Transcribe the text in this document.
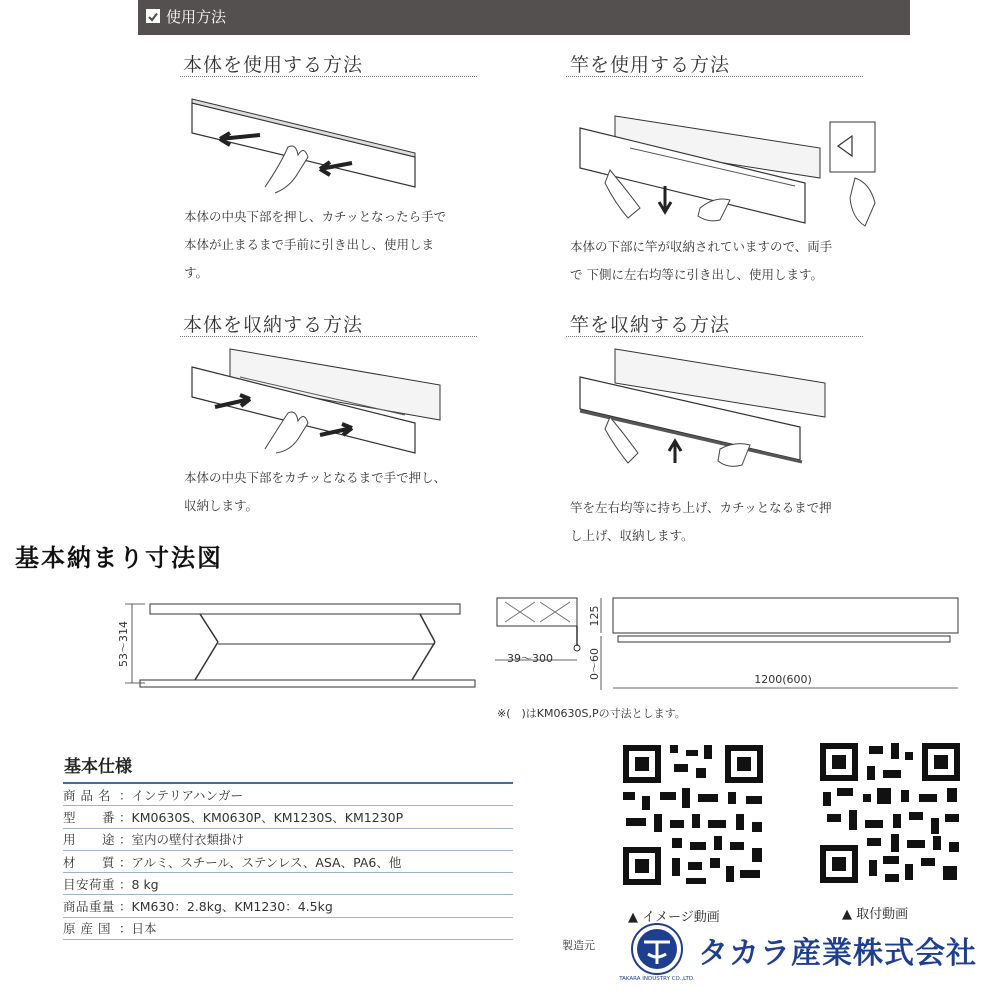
使用方法
本体を使用する方法
本体の中央下部を押し、カチッとなったら手で
本体が止まるまで手前に引き出し、使用しま
す。
竿を使用する方法
本体の下部に竿が収納されていますので、両手
で 下側に左右均等に引き出し、使用します。
本体を収納する方法
本体の中央下部をカチッとなるまで手で押し、
収納します。
竿を収納する方法
竿を左右均等に持ち上げ、カチッとなるまで押
し上げ、収納します。
基本納まり寸法図
53〜314	39〜300
125
0〜60	1200(600)
※(　)はKM0630S,Pの寸法とします。
基本仕様
商 品 名	：インテリアハンガー
型　　番	：KM0630S、KM0630P、KM1230S、KM1230P
用　　途	：室内の壁付衣類掛け
材　　質	：アルミ、スチール、ステンレス、ASA、PA6、他
目安荷重	：8 kg
商品重量	：KM630：2.8kg、KM1230：4.5kg
原 産 国	：日本
▲ イメージ動画	▲ 取付動画
製造元
TAKARA INDUSTRY CO.,LTD.
タカラ産業株式会社
